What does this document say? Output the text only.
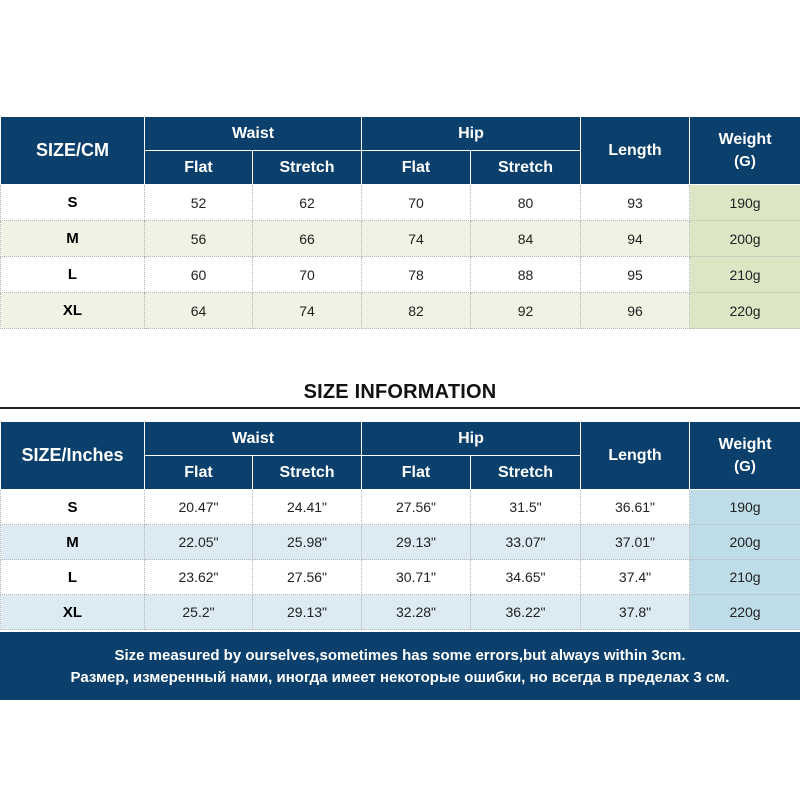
SIZE/CM	Waist		Hip		Length	Weight
(G)

	Flat	Stretch	Flat	Stretch		
S	52	62	70	80	93	190g
M	56	66	74	84	94	200g
L	60	70	78	88	95	210g
XL	64	74	82	92	96	220g
SIZE INFORMATION
SIZE/Inches	Waist		Hip		Length	Weight
(G)

	Flat	Stretch	Flat	Stretch		
S	20.47"	24.41"	27.56"	31.5"	36.61"	190g
M	22.05"	25.98"	29.13"	33.07"	37.01"	200g
L	23.62"	27.56"	30.71"	34.65"	37.4"	210g
XL	25.2"	29.13"	32.28"	36.22"	37.8"	220g
Size measured by ourselves,sometimes has some errors,but always within 3cm.
Размер, измеренный нами, иногда имеет некоторые ошибки, но всегда в пределах 3 см.
